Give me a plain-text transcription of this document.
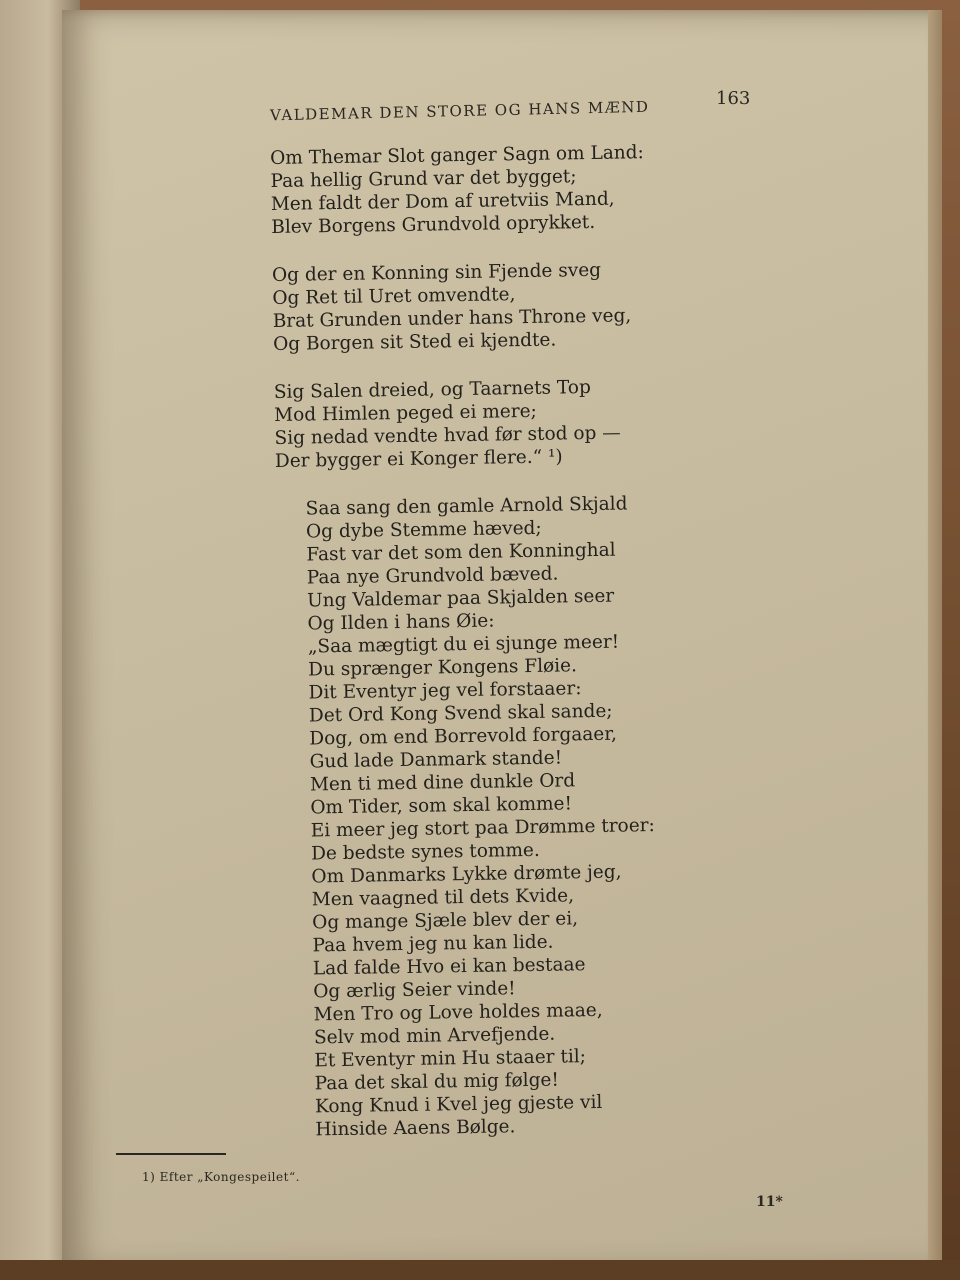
VALDEMAR DEN STORE OG HANS MÆND	163
Om Themar Slot ganger Sagn om Land:
Paa hellig Grund var det bygget;
Men faldt der Dom af uretviis Mand,
Blev Borgens Grundvold oprykket.
Og der en Konning sin Fjende sveg
Og Ret til Uret omvendte,
Brat Grunden under hans Throne veg,
Og Borgen sit Sted ei kjendte.
Sig Salen dreied, og Taarnets Top
Mod Himlen peged ei mere;
Sig nedad vendte hvad før stod op —
Der bygger ei Konger flere.“ ¹)
Saa sang den gamle Arnold Skjald
Og dybe Stemme hæved;
Fast var det som den Konninghal
Paa nye Grundvold bæved.
Ung Valdemar paa Skjalden seer
Og Ilden i hans Øie:
„Saa mægtigt du ei sjunge meer!
Du sprænger Kongens Fløie.
Dit Eventyr jeg vel forstaaer:
Det Ord Kong Svend skal sande;
Dog, om end Borrevold forgaaer,
Gud lade Danmark stande!
Men ti med dine dunkle Ord
Om Tider, som skal komme!
Ei meer jeg stort paa Drømme troer:
De bedste synes tomme.
Om Danmarks Lykke drømte jeg,
Men vaagned til dets Kvide,
Og mange Sjæle blev der ei,
Paa hvem jeg nu kan lide.
Lad falde Hvo ei kan bestaae
Og ærlig Seier vinde!
Men Tro og Love holdes maae,
Selv mod min Arvefjende.
Et Eventyr min Hu staaer til;
Paa det skal du mig følge!
Kong Knud i Kvel jeg gjeste vil
Hinside Aaens Bølge.
1) Efter „Kongespeilet“.
11*
